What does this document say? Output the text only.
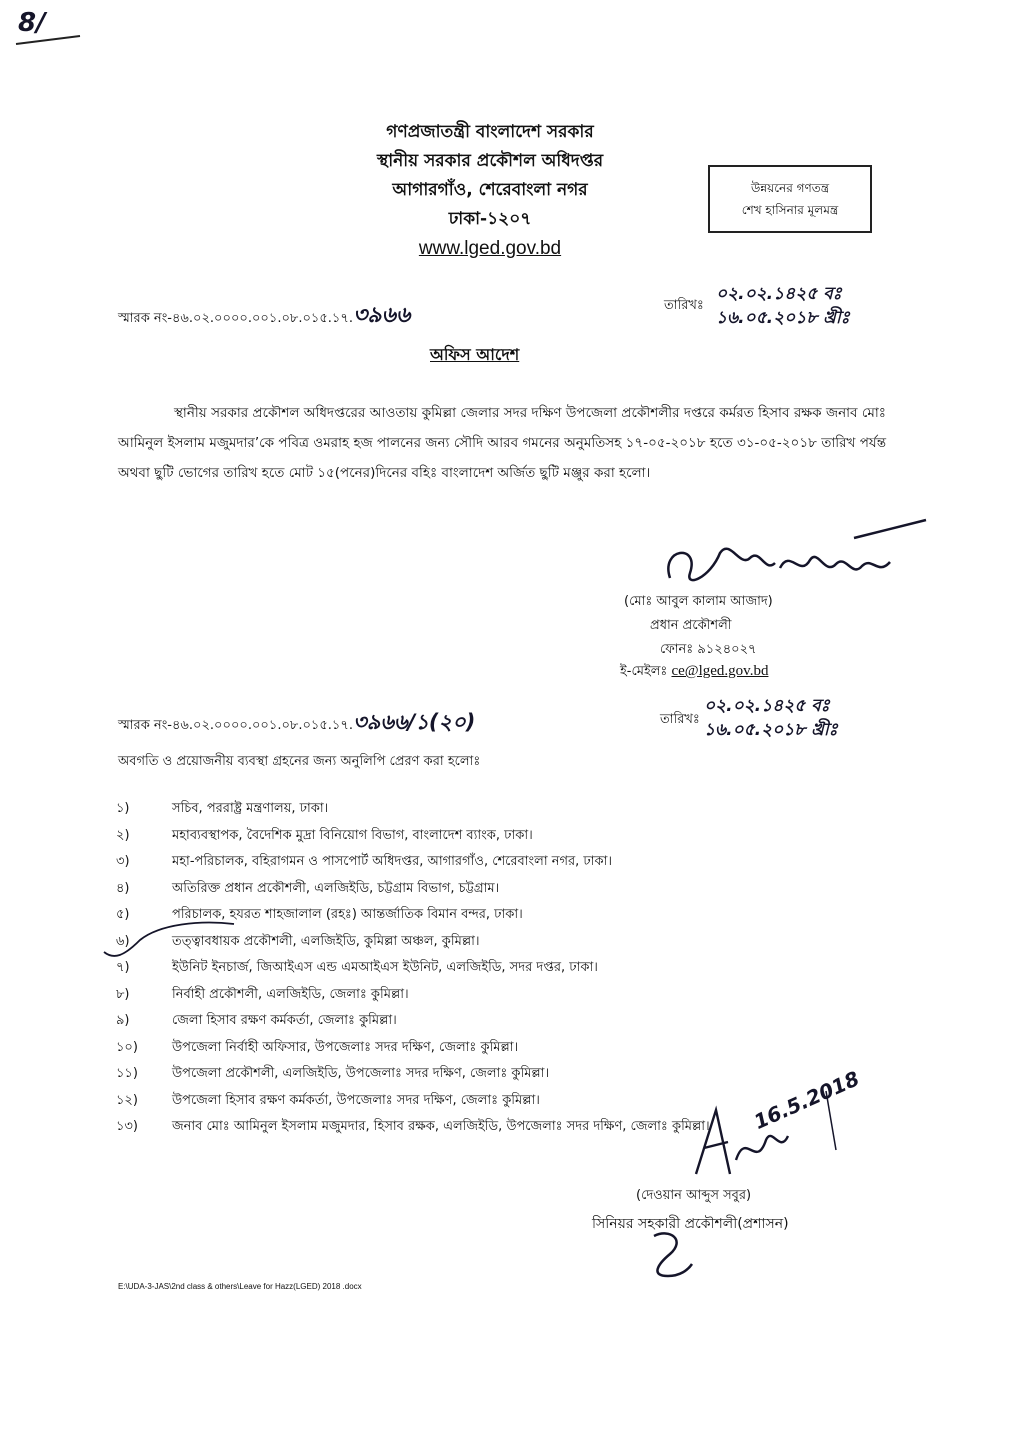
8/
গণপ্রজাতন্ত্রী বাংলাদেশ সরকার
স্থানীয় সরকার প্রকৌশল অধিদপ্তর
আগারগাঁও, শেরেবাংলা নগর
ঢাকা-১২০৭
www.lged.gov.bd
উন্নয়নের গণতন্ত্র
শেখ হাসিনার মূলমন্ত্র
স্মারক নং-৪৬.০২.০০০০.০০১.০৮.০১৫.১৭.৩৯৬৬	তারিখঃ
০২.০২.১৪২৫ বঃ
১৬.০৫.২০১৮ খ্রীঃ
অফিস আদেশ
স্থানীয় সরকার প্রকৌশল অধিদপ্তরের আওতায় কুমিল্লা জেলার সদর দক্ষিণ উপজেলা প্রকৌশলীর দপ্তরে কর্মরত হিসাব রক্ষক জনাব মোঃ আমিনুল ইসলাম মজুমদার’কে পবিত্র ওমরাহ হজ পালনের জন্য সৌদি আরব গমনের অনুমতিসহ ১৭-০৫-২০১৮ হতে ৩১-০৫-২০১৮ তারিখ পর্যন্ত অথবা ছুটি ভোগের তারিখ হতে মোট ১৫(পনের)দিনের বহিঃ বাংলাদেশ অর্জিত ছুটি মঞ্জুর করা হলো।
(মোঃ আবুল কালাম আজাদ)
প্রধান প্রকৌশলী
ফোনঃ ৯১২৪০২৭
ই-মেইলঃ ce@lged.gov.bd
স্মারক নং-৪৬.০২.০০০০.০০১.০৮.০১৫.১৭.৩৯৬৬/১(২০)	তারিখঃ
০২.০২.১৪২৫ বঃ
১৬.০৫.২০১৮ খ্রীঃ
অবগতি ও প্রয়োজনীয় ব্যবস্থা গ্রহনের জন্য অনুলিপি প্রেরণ করা হলোঃ
১)	সচিব, পররাষ্ট্র মন্ত্রণালয়, ঢাকা।
২)	মহাব্যবস্থাপক, বৈদেশিক মুদ্রা বিনিয়োগ বিভাগ, বাংলাদেশ ব্যাংক, ঢাকা।
৩)	মহা-পরিচালক, বহিরাগমন ও পাসপোর্ট অধিদপ্তর, আগারগাঁও, শেরেবাংলা নগর, ঢাকা।
৪)	অতিরিক্ত প্রধান প্রকৌশলী, এলজিইডি, চট্টগ্রাম বিভাগ, চট্টগ্রাম।
৫)	পরিচালক, হযরত শাহজালাল (রহঃ) আন্তর্জাতিক বিমান বন্দর, ঢাকা।
৬)	তত্ত্বাবধায়ক প্রকৌশলী, এলজিইডি, কুমিল্লা অঞ্চল, কুমিল্লা।
৭)	ইউনিট ইনচার্জ, জিআইএস এন্ড এমআইএস ইউনিট, এলজিইডি, সদর দপ্তর, ঢাকা।
৮)	নির্বাহী প্রকৌশলী, এলজিইডি, জেলাঃ কুমিল্লা।
৯)	জেলা হিসাব রক্ষণ কর্মকর্তা, জেলাঃ কুমিল্লা।
১০)	উপজেলা নির্বাহী অফিসার, উপজেলাঃ সদর দক্ষিণ, জেলাঃ কুমিল্লা।
১১)	উপজেলা প্রকৌশলী, এলজিইডি, উপজেলাঃ সদর দক্ষিণ, জেলাঃ কুমিল্লা।
১২)	উপজেলা হিসাব রক্ষণ কর্মকর্তা, উপজেলাঃ সদর দক্ষিণ, জেলাঃ কুমিল্লা।
১৩)	জনাব মোঃ আমিনুল ইসলাম মজুমদার, হিসাব রক্ষক, এলজিইডি, উপজেলাঃ সদর দক্ষিণ, জেলাঃ কুমিল্লা।	16.5.2018
(দেওয়ান আব্দুস সবুর)
সিনিয়র সহকারী প্রকৌশলী(প্রশাসন)
E:\UDA-3-JAS\2nd class & others\Leave for Hazz(LGED) 2018 .docx
